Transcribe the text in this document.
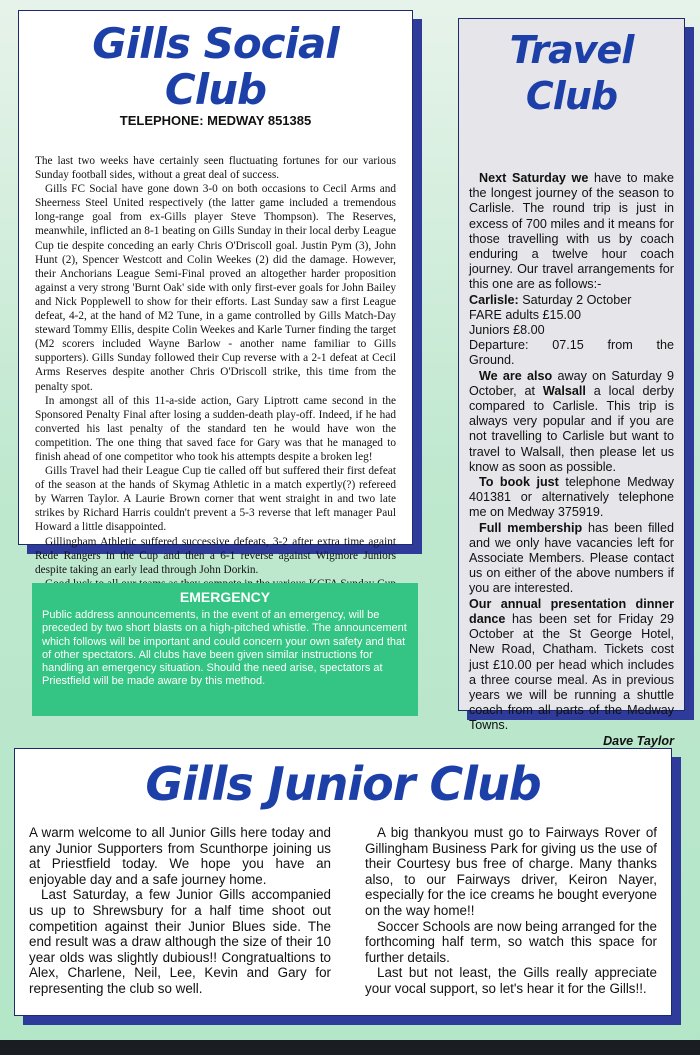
Gills Social Club
TELEPHONE: MEDWAY 851385

The last two weeks have certainly seen fluctuating fortunes for our various Sunday football sides, without a great deal of success.

Gills FC Social have gone down 3-0 on both occasions to Cecil Arms and Sheerness Steel United respectively (the latter game included a tremendous long-range goal from ex-Gills player Steve Thompson). The Reserves, meanwhile, inflicted an 8-1 beating on Gills Sunday in their local derby League Cup tie despite conceding an early Chris O'Driscoll goal. Justin Pym (3), John Hunt (2), Spencer Westcott and Colin Weekes (2) did the damage. However, their Anchorians League Semi-Final proved an altogether harder proposition against a very strong 'Burnt Oak' side with only first-ever goals for John Bailey and Nick Popplewell to show for their efforts. Last Sunday saw a first League defeat, 4-2, at the hand of M2 Tune, in a game controlled by Gills Match-Day steward Tommy Ellis, despite Colin Weekes and Karle Turner finding the target (M2 scorers included Wayne Barlow - another name familiar to Gills supporters). Gills Sunday followed their Cup reverse with a 2-1 defeat at Cecil Arms Reserves despite another Chris O'Driscoll strike, this time from the penalty spot.

In amongst all of this 11-a-side action, Gary Liptrott came second in the Sponsored Penalty Final after losing a sudden-death play-off. Indeed, if he had converted his last penalty of the standard ten he would have won the competition. The one thing that saved face for Gary was that he managed to finish ahead of one competitor who took his attempts despite a broken leg!

Gills Travel had their League Cup tie called off but suffered their first defeat of the season at the hands of Skymag Athletic in a match expertly(?) refereed by Warren Taylor. A Laurie Brown corner that went straight in and two late strikes by Richard Harris couldn't prevent a 5-3 reverse that left manager Paul Howard a little disappointed.

Gillingham Athletic suffered successive defeats, 3-2 after extra time againt Rede Rangers in the Cup and then a 6-1 reverse against Wigmore Juniors despite taking an early lead through John Dorkin.

Travel Club

Next Saturday we have to make the longest journey of the season to Carlisle. The round trip is just in excess of 700 miles and it means for those travelling with us by coach enduring a twelve hour coach journey. Our travel arrangements for this one are as follows:-

Carlisle: Saturday 2 October

FARE adults £15.00

Juniors £8.00

Departure: 07.15 from the

Ground.

We are also away on Saturday 9 October, at Walsall a local derby compared to Carlisle. This trip is always very popular and if you are not travelling to Carlisle but want to travel to Walsall, then please let us know as soon as possible.

To book just telephone Medway 401381 or alternatively telephone me on Medway 375919.

Full membership has been filled and we only have vacancies left for Associate Members. Please contact us on either of the above numbers if you are interested.

Our annual presentation dinner dance has been set for Friday 29 October at the St George Hotel, New Road, Chatham. Tickets cost just £10.00 per head which includes a three course meal. As in previous years we will be running a shuttle coach from all parts of the Medway Towns.

Dave Taylor

EMERGENCY

Public address announcements, in the event of an emergency, will be preceded by two short blasts on a high-pitched whistle. The announcement which follows will be important and could concern your own safety and that of other spectators. All clubs have been given similar instructions for handling an emergency situation. Should the need arise, spectators at Priestfield will be made aware by this method.

Gills Junior Club

A warm welcome to all Junior Gills here today and any Junior Supporters from Scunthorpe joining us at Priestfield today. We hope you have an enjoyable day and a safe journey home.

Last Saturday, a few Junior Gills accompanied us up to Shrewsbury for a half time shoot out competition against their Junior Blues side. The end result was a draw although the size of their 10 year olds was slightly dubious!! Congratualtions to Alex, Charlene, Neil, Lee, Kevin and Gary for representing the club so well.

A big thankyou must go to Fairways Rover of Gillingham Business Park for giving us the use of their Courtesy bus free of charge. Many thanks also, to our Fairways driver, Keiron Nayer, especially for the ice creams he bought everyone on the way home!!

Soccer Schools are now being arranged for the forthcoming half term, so watch this space for further details.

Last but not least, the Gills really appreciate your vocal support, so let's hear it for the Gills!!.
